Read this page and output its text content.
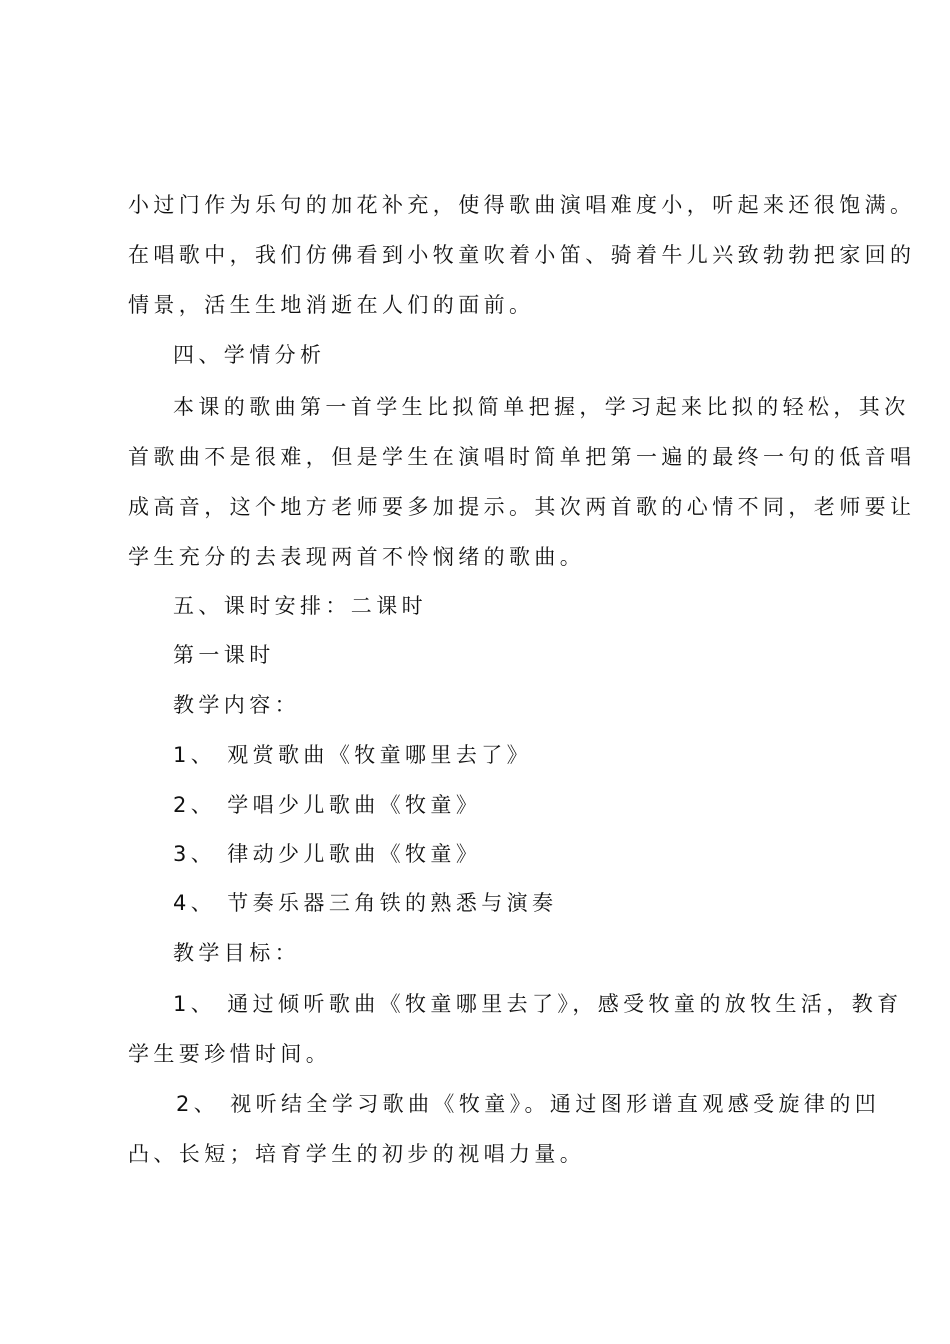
小过门作为乐句的加花补充，使得歌曲演唱难度小，听起来还很饱满。
在唱歌中，我们仿佛看到小牧童吹着小笛、骑着牛儿兴致勃勃把家回的
情景，活生生地消逝在人们的面前。
四、学情分析
本课的歌曲第一首学生比拟简单把握，学习起来比拟的轻松，其次
首歌曲不是很难，但是学生在演唱时简单把第一遍的最终一句的低音唱
成高音，这个地方老师要多加提示。其次两首歌的心情不同，老师要让
学生充分的去表现两首不怜悯绪的歌曲。
五、课时安排：二课时
第一课时
教学内容：
1、 观赏歌曲《牧童哪里去了》
2、 学唱少儿歌曲《牧童》
3、 律动少儿歌曲《牧童》
4、 节奏乐器三角铁的熟悉与演奏
教学目标：
1、 通过倾听歌曲《牧童哪里去了》，感受牧童的放牧生活，教育
学生要珍惜时间。
2、 视听结全学习歌曲《牧童》。通过图形谱直观感受旋律的凹
凸、长短；培育学生的初步的视唱力量。
